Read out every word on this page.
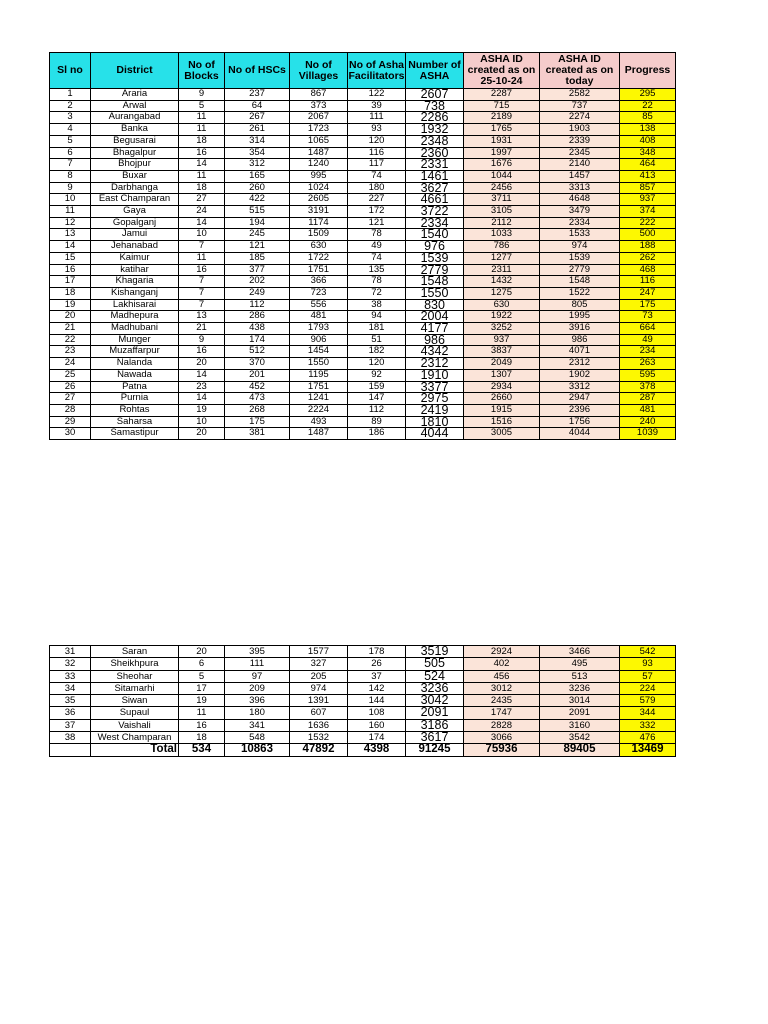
Sl no	District	No of Blocks	No of HSCs	No of Villages	No of Asha Facilitators	Number of ASHA	ASHA ID created as on 25-10-24	ASHA ID created as on today	Progress
1	Araria	9	237	867	122	2607	2287	2582	295
2	Arwal	5	64	373	39	738	715	737	22
3	Aurangabad	11	267	2067	111	2286	2189	2274	85
4	Banka	11	261	1723	93	1932	1765	1903	138
5	Begusarai	18	314	1065	120	2348	1931	2339	408
6	Bhagalpur	16	354	1487	116	2360	1997	2345	348
7	Bhojpur	14	312	1240	117	2331	1676	2140	464
8	Buxar	11	165	995	74	1461	1044	1457	413
9	Darbhanga	18	260	1024	180	3627	2456	3313	857
10	East Champaran	27	422	2605	227	4661	3711	4648	937
11	Gaya	24	515	3191	172	3722	3105	3479	374
12	Gopalganj	14	194	1174	121	2334	2112	2334	222
13	Jamui	10	245	1509	78	1540	1033	1533	500
14	Jehanabad	7	121	630	49	976	786	974	188
15	Kaimur	11	185	1722	74	1539	1277	1539	262
16	katihar	16	377	1751	135	2779	2311	2779	468
17	Khagaria	7	202	366	78	1548	1432	1548	116
18	Kishanganj	7	249	723	72	1550	1275	1522	247
19	Lakhisarai	7	112	556	38	830	630	805	175
20	Madhepura	13	286	481	94	2004	1922	1995	73
21	Madhubani	21	438	1793	181	4177	3252	3916	664
22	Munger	9	174	906	51	986	937	986	49
23	Muzaffarpur	16	512	1454	182	4342	3837	4071	234
24	Nalanda	20	370	1550	120	2312	2049	2312	263
25	Nawada	14	201	1195	92	1910	1307	1902	595
26	Patna	23	452	1751	159	3377	2934	3312	378
27	Purnia	14	473	1241	147	2975	2660	2947	287
28	Rohtas	19	268	2224	112	2419	1915	2396	481
29	Saharsa	10	175	493	89	1810	1516	1756	240
30	Samastipur	20	381	1487	186	4044	3005	4044	1039
31	Saran	20	395	1577	178	3519	2924	3466	542
32	Sheikhpura	6	111	327	26	505	402	495	93
33	Sheohar	5	97	205	37	524	456	513	57
34	Sitamarhi	17	209	974	142	3236	3012	3236	224
35	Siwan	19	396	1391	144	3042	2435	3014	579
36	Supaul	11	180	607	108	2091	1747	2091	344
37	Vaishali	16	341	1636	160	3186	2828	3160	332
38	West Champaran	18	548	1532	174	3617	3066	3542	476
	Total	534	10863	47892	4398	91245	75936	89405	13469
